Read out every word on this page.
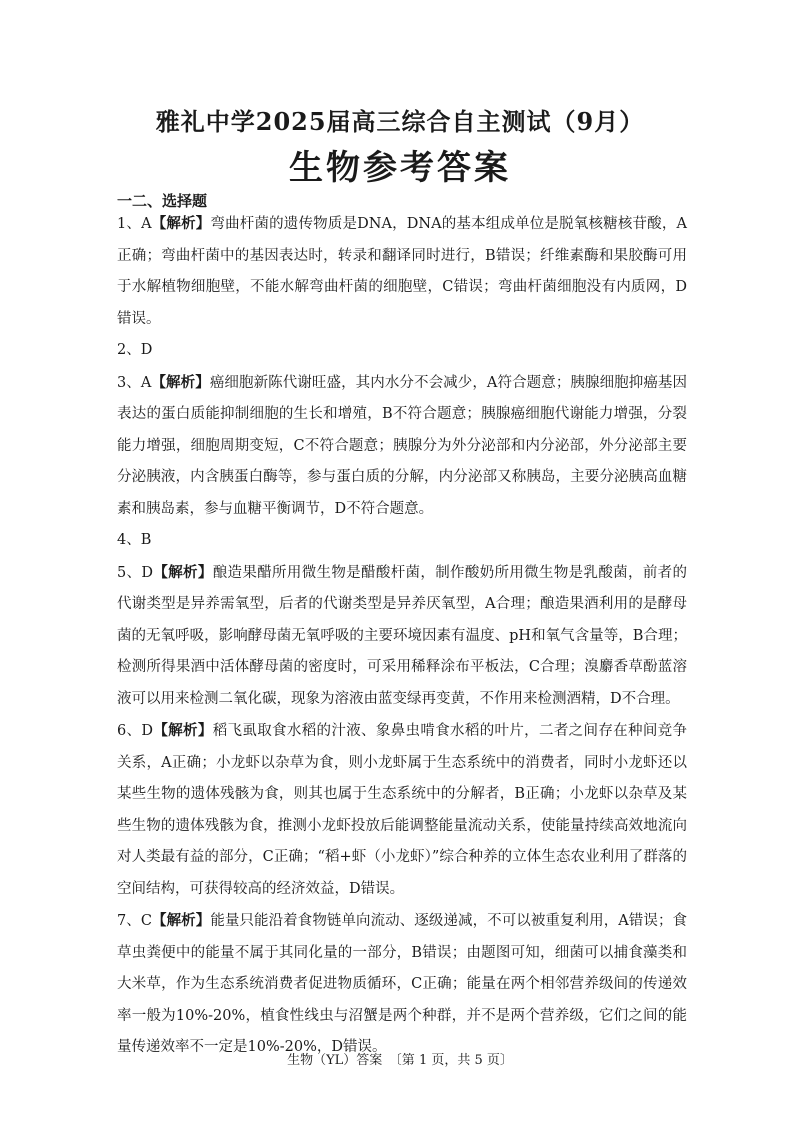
雅礼中学2025届高三综合自主测试（9月）
生物参考答案
一二、选择题

1、A【解析】弯曲杆菌的遗传物质是DNA，DNA的基本组成单位是脱氧核糖核苷酸，A正确；弯曲杆菌中的基因表达时，转录和翻译同时进行，B错误；纤维素酶和果胶酶可用于水解植物细胞壁，不能水解弯曲杆菌的细胞壁，C错误；弯曲杆菌细胞没有内质网，D错误。

2、D

3、A【解析】癌细胞新陈代谢旺盛，其内水分不会减少，A符合题意；胰腺细胞抑癌基因表达的蛋白质能抑制细胞的生长和增殖，B不符合题意；胰腺癌细胞代谢能力增强，分裂能力增强，细胞周期变短，C不符合题意；胰腺分为外分泌部和内分泌部，外分泌部主要分泌胰液，内含胰蛋白酶等，参与蛋白质的分解，内分泌部又称胰岛，主要分泌胰高血糖素和胰岛素，参与血糖平衡调节，D不符合题意。

4、B

5、D【解析】酿造果醋所用微生物是醋酸杆菌，制作酸奶所用微生物是乳酸菌，前者的代谢类型是异养需氧型，后者的代谢类型是异养厌氧型，A合理；酿造果酒利用的是酵母菌的无氧呼吸，影响酵母菌无氧呼吸的主要环境因素有温度、pH和氧气含量等，B合理；检测所得果酒中活体酵母菌的密度时，可采用稀释涂布平板法，C合理；溴麝香草酚蓝溶液可以用来检测二氧化碳，现象为溶液由蓝变绿再变黄，不作用来检测酒精，D不合理。

6、D【解析】稻飞虱取食水稻的汁液、象鼻虫啃食水稻的叶片，二者之间存在种间竞争关系，A正确；小龙虾以杂草为食，则小龙虾属于生态系统中的消费者，同时小龙虾还以某些生物的遗体残骸为食，则其也属于生态系统中的分解者，B正确；小龙虾以杂草及某些生物的遗体残骸为食，推测小龙虾投放后能调整能量流动关系，使能量持续高效地流向对人类最有益的部分，C正确；“稻+虾（小龙虾）”综合种养的立体生态农业利用了群落的空间结构，可获得较高的经济效益，D错误。

7、C【解析】能量只能沿着食物链单向流动、逐级递减，不可以被重复利用，A错误；食草虫粪便中的能量不属于其同化量的一部分，B错误；由题图可知，细菌可以捕食藻类和大米草，作为生态系统消费者促进物质循环，C正确；能量在两个相邻营养级间的传递效率一般为10%-20%，植食性线虫与沼蟹是两个种群，并不是两个营养级，它们之间的能量传递效率不一定是10%-20%，D错误。

生物（YL）答案　〔第 1 页，共 5 页〕
